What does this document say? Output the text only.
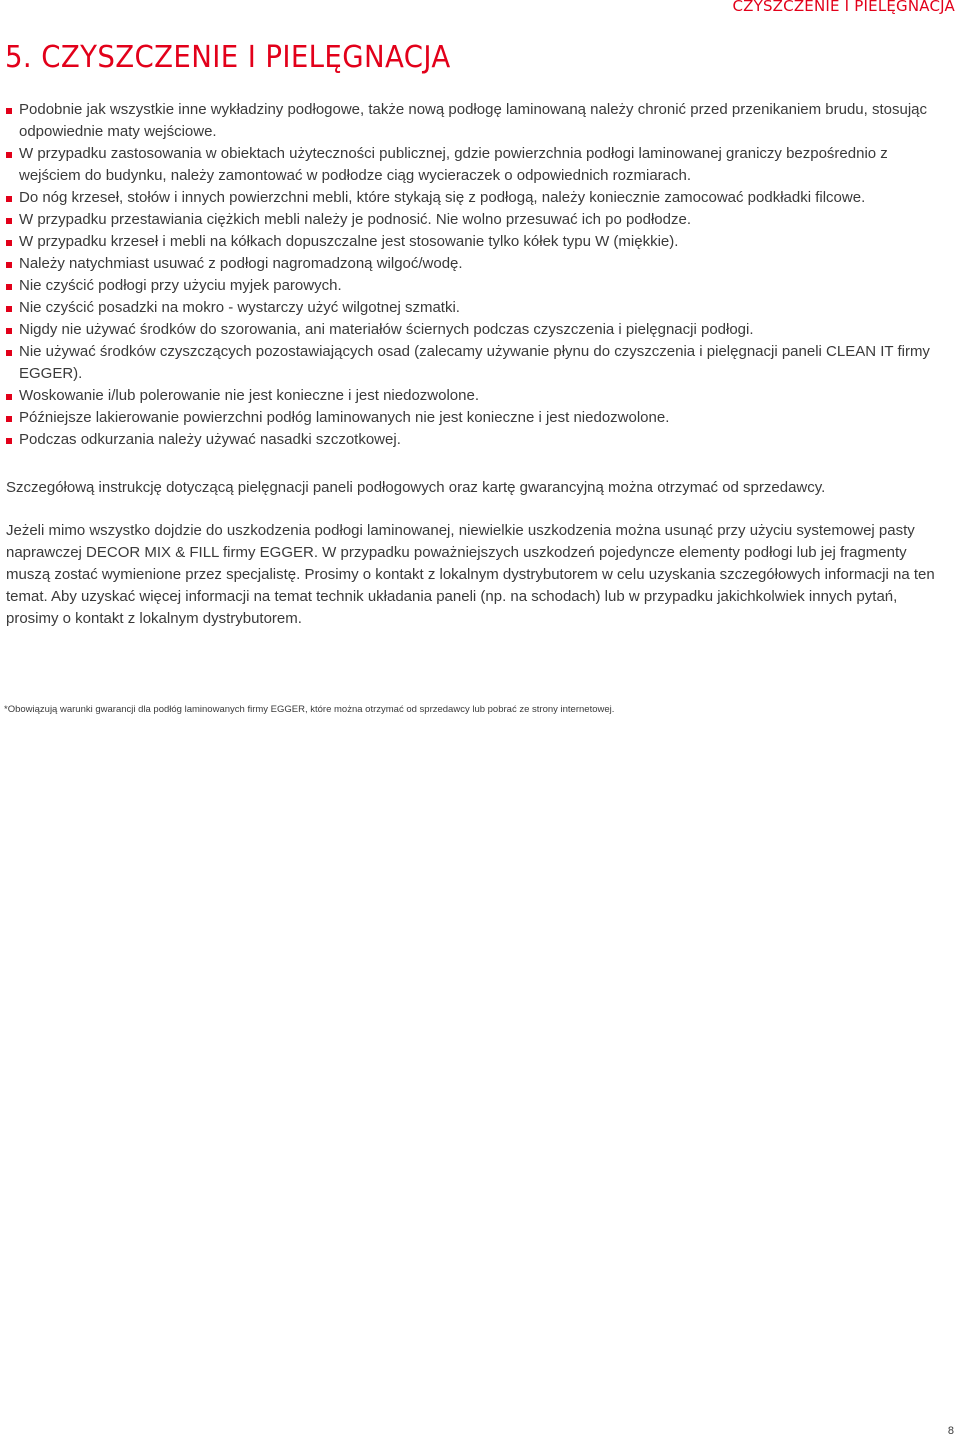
CZYSZCZENIE I PIELĘGNACJA
5. CZYSZCZENIE I PIELĘGNACJA
Podobnie jak wszystkie inne wykładziny podłogowe, także nową podłogę laminowaną należy chronić przed przenikaniem brudu, stosując odpowiednie maty wejściowe.
W przypadku zastosowania w obiektach użyteczności publicznej, gdzie powierzchnia podłogi laminowanej graniczy bezpośrednio z wejściem do budynku, należy zamontować w podłodze ciąg wycieraczek o odpowiednich rozmiarach.
Do nóg krzeseł, stołów i innych powierzchni mebli, które stykają się z podłogą, należy koniecznie zamocować podkładki filcowe.
W przypadku przestawiania ciężkich mebli należy je podnosić. Nie wolno przesuwać ich po podłodze.
W przypadku krzeseł i mebli na kółkach dopuszczalne jest stosowanie tylko kółek typu W (miękkie).
Należy natychmiast usuwać z podłogi nagromadzoną wilgoć/wodę.
Nie czyścić podłogi przy użyciu myjek parowych.
Nie czyścić posadzki na mokro - wystarczy użyć wilgotnej szmatki.
Nigdy nie używać środków do szorowania, ani materiałów ściernych podczas czyszczenia i pielęgnacji podłogi.
Nie używać środków czyszczących pozostawiających osad (zalecamy używanie płynu do czyszczenia i pielęgnacji paneli CLEAN IT firmy EGGER).
Woskowanie i/lub polerowanie nie jest konieczne i jest niedozwolone.
Późniejsze lakierowanie powierzchni podłóg laminowanych nie jest konieczne i jest niedozwolone.
Podczas odkurzania należy używać nasadki szczotkowej.

Szczegółową instrukcję dotyczącą pielęgnacji paneli podłogowych oraz kartę gwarancyjną można otrzymać od sprzedawcy.

Jeżeli mimo wszystko dojdzie do uszkodzenia podłogi laminowanej, niewielkie uszkodzenia można usunąć przy użyciu systemowej pasty naprawczej DECOR MIX & FILL firmy EGGER. W przypadku poważniejszych uszkodzeń pojedyncze elementy podłogi lub jej fragmenty muszą zostać wymienione przez specjalistę. Prosimy o kontakt z lokalnym dystrybutorem w celu uzyskania szczegółowych informacji na ten temat. Aby uzyskać więcej informacji na temat technik układania paneli (np. na schodach) lub w przypadku jakichkolwiek innych pytań, prosimy o kontakt z lokalnym dystrybutorem.

*Obowiązują warunki gwarancji dla podłóg laminowanych firmy EGGER, które można otrzymać od sprzedawcy lub pobrać ze strony internetowej.

8
